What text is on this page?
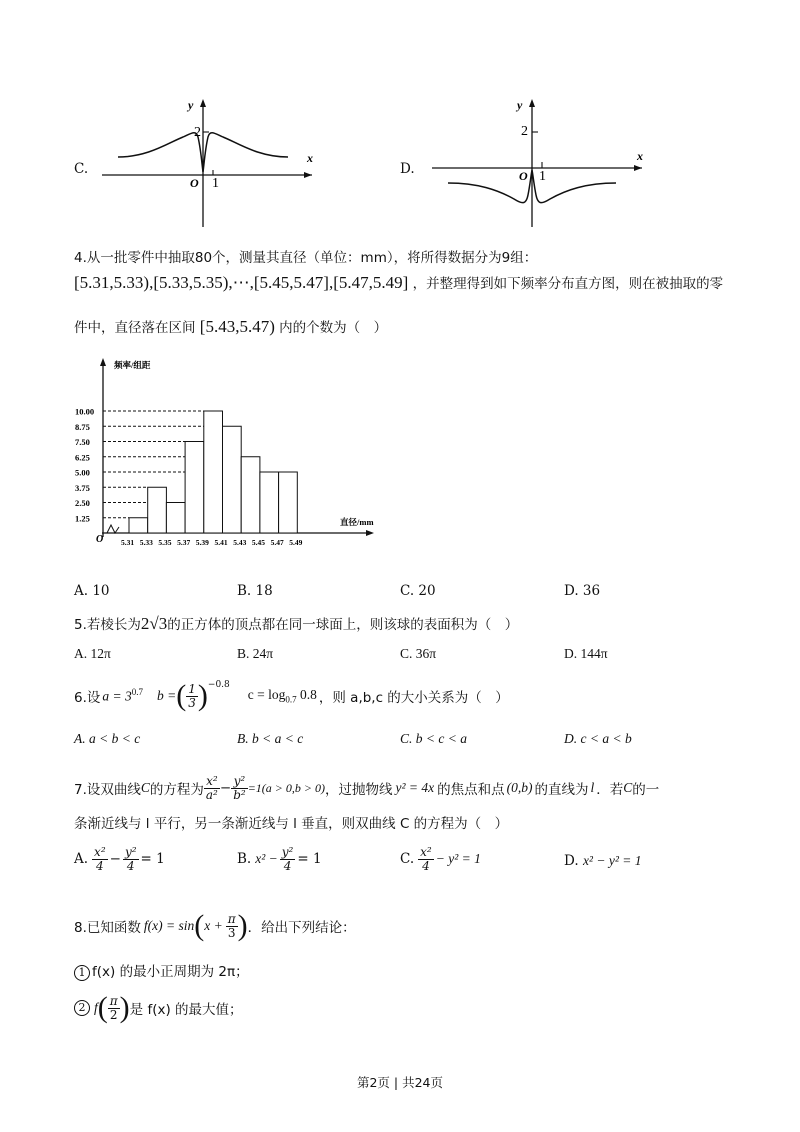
C.
y
x
2
O 1
D.
y
x
2
O 1
4.从一批零件中抽取80个，测量其直径（单位：mm），将所得数据分为9组：
[5.31,5.33),[5.33,5.35),⋯,[5.45,5.47],[5.47,5.49] ，并整理得到如下频率分布直方图，则在被抽取的零
件中，直径落在区间 [5.43,5.47) 内的个数为（　）
1.25
2.50
3.75
5.00
6.25
7.50
8.75
10.00
5.31 5.33 5.35 5.37 5.39 5.41 5.43 5.45 5.47 5.49
频率/组距
直径/mm
O
A. 10	B. 18	C. 20	D. 36
5.若棱长为2√3的正方体的顶点都在同一球面上，则该球的表面积为（　）
A. 12π	B. 24π	C. 36π	D. 144π
6.设 $a = 3^{0.7}$ b = ( $\frac{1}{3} )^{-0.8}$
$c = \log_{0.7} 0.8$ ，则 a,b,c 的大小关系为（　）
A. a < b < c	B. b < a < c	C. b < c < a	D. c < a < b
7.设双曲线 C 的方程为 $\frac{\text{x²}}{\text{a²}} - \frac{\text{y²}}{\text{b²}} =1(a > 0,b > 0)$ ，过抛物线 y² = 4x 的焦点和点 (0,b) 的直线为 l ．若 C 的一
条渐近线与 l 平行，另一条渐近线与 l 垂直，则双曲线 C 的方程为（　）
A. $\frac{\text{x²}}{4} - \frac{\text{y²}}{4} = 1$	B. $x^2 - \frac{\text{y²}}{4} = 1$	C. $\frac{\text{x²}}{4} - y^2 = 1$	D. x² − y² = 1
8.已知函数 f(x) = sin ( $x + \frac{\pi}{3}$ ) ．给出下列结论：
1 f(x) 的最小正周期为 2π；
2 f ( $\frac{\pi}{2}$ ) 是 f(x) 的最大值；
第2页 | 共24页
